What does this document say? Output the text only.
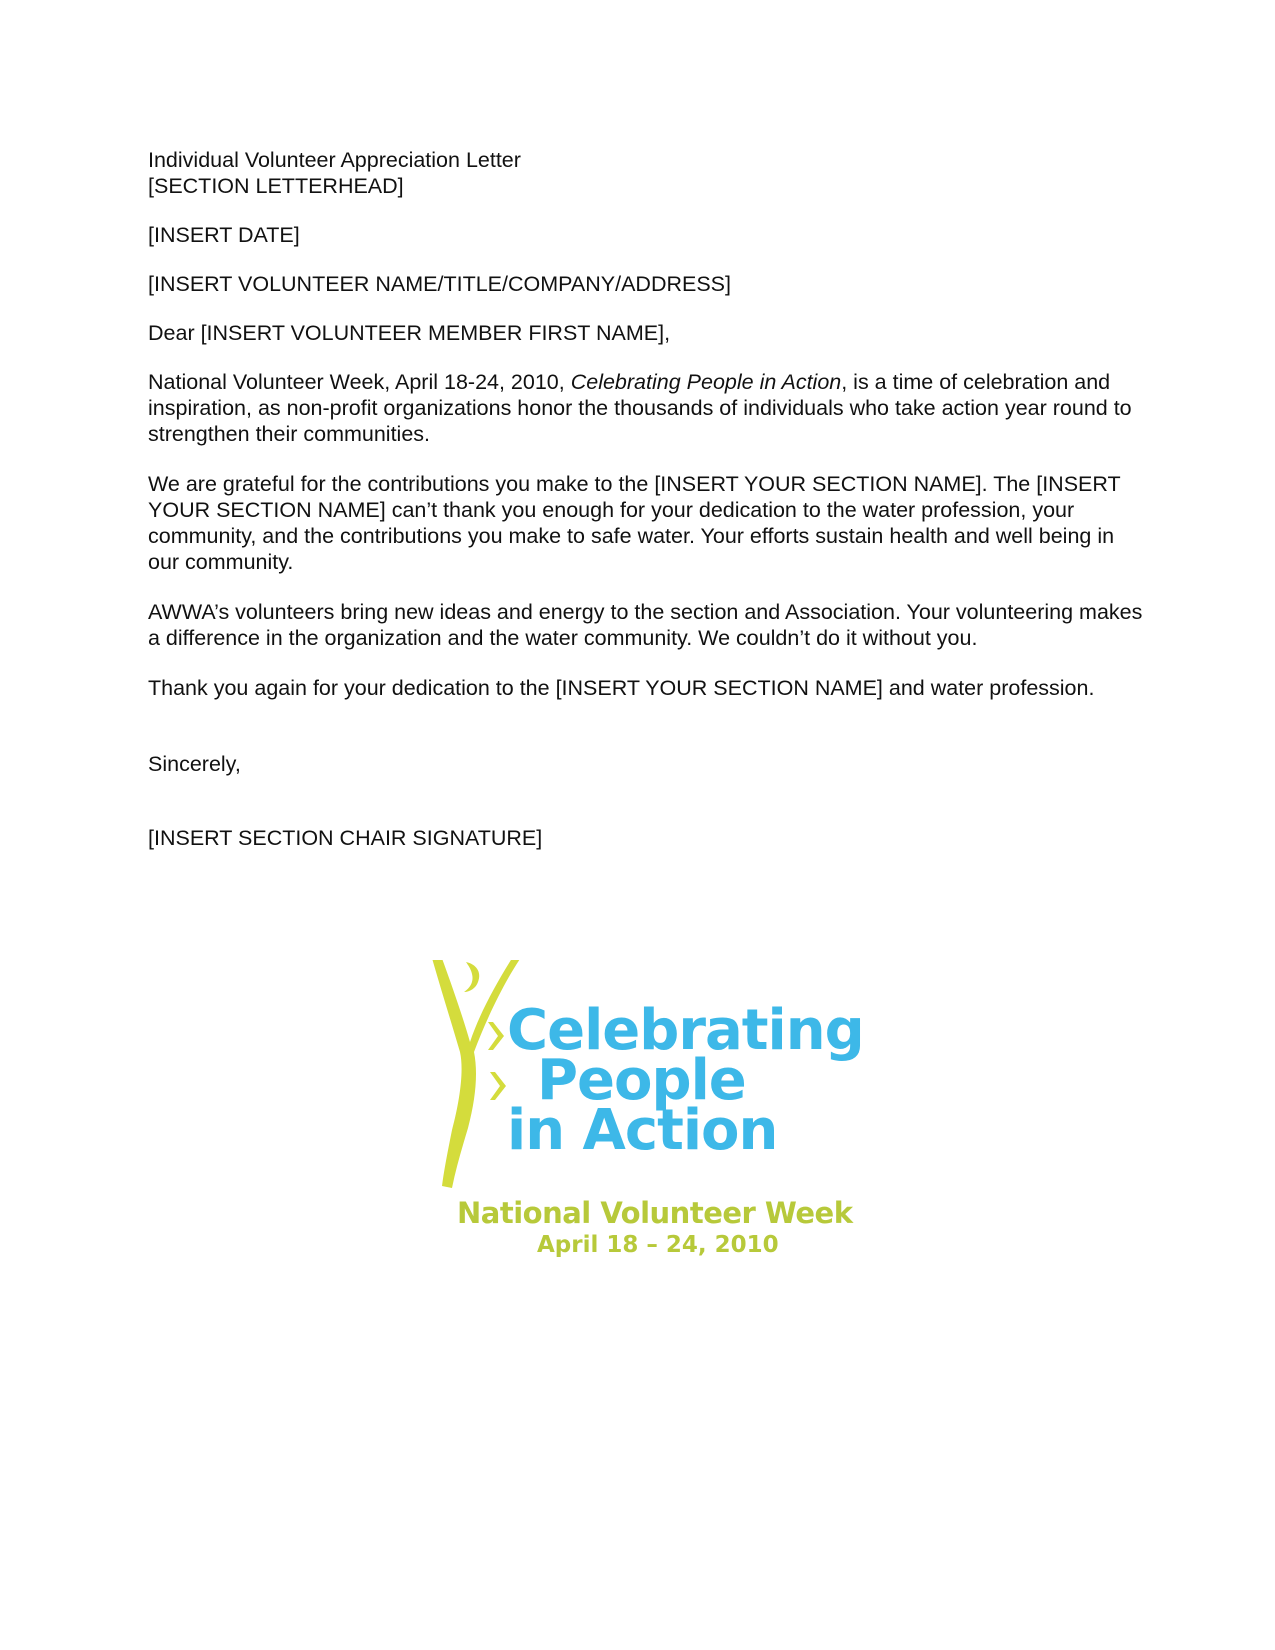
Individual Volunteer Appreciation Letter

[SECTION LETTERHEAD]

[INSERT DATE]

[INSERT VOLUNTEER NAME/TITLE/COMPANY/ADDRESS]

Dear [INSERT VOLUNTEER MEMBER FIRST NAME],

National Volunteer Week, April 18-24, 2010, Celebrating People in Action, is a time of celebration and inspiration, as non-profit organizations honor the thousands of individuals who take action year round to strengthen their communities.

We are grateful for the contributions you make to the [INSERT YOUR SECTION NAME]. The [INSERT YOUR SECTION NAME] can’t thank you enough for your dedication to the water profession, your community, and the contributions you make to safe water. Your efforts sustain health and well being in our community.

AWWA’s volunteers bring new ideas and energy to the section and Association. Your volunteering makes a difference in the organization and the water community. We couldn’t do it without you.

Thank you again for your dedication to the [INSERT YOUR SECTION NAME] and water profession.

Sincerely,

[INSERT SECTION CHAIR SIGNATURE]

Celebrating
People
in Action
National Volunteer Week
April 18 – 24, 2010
